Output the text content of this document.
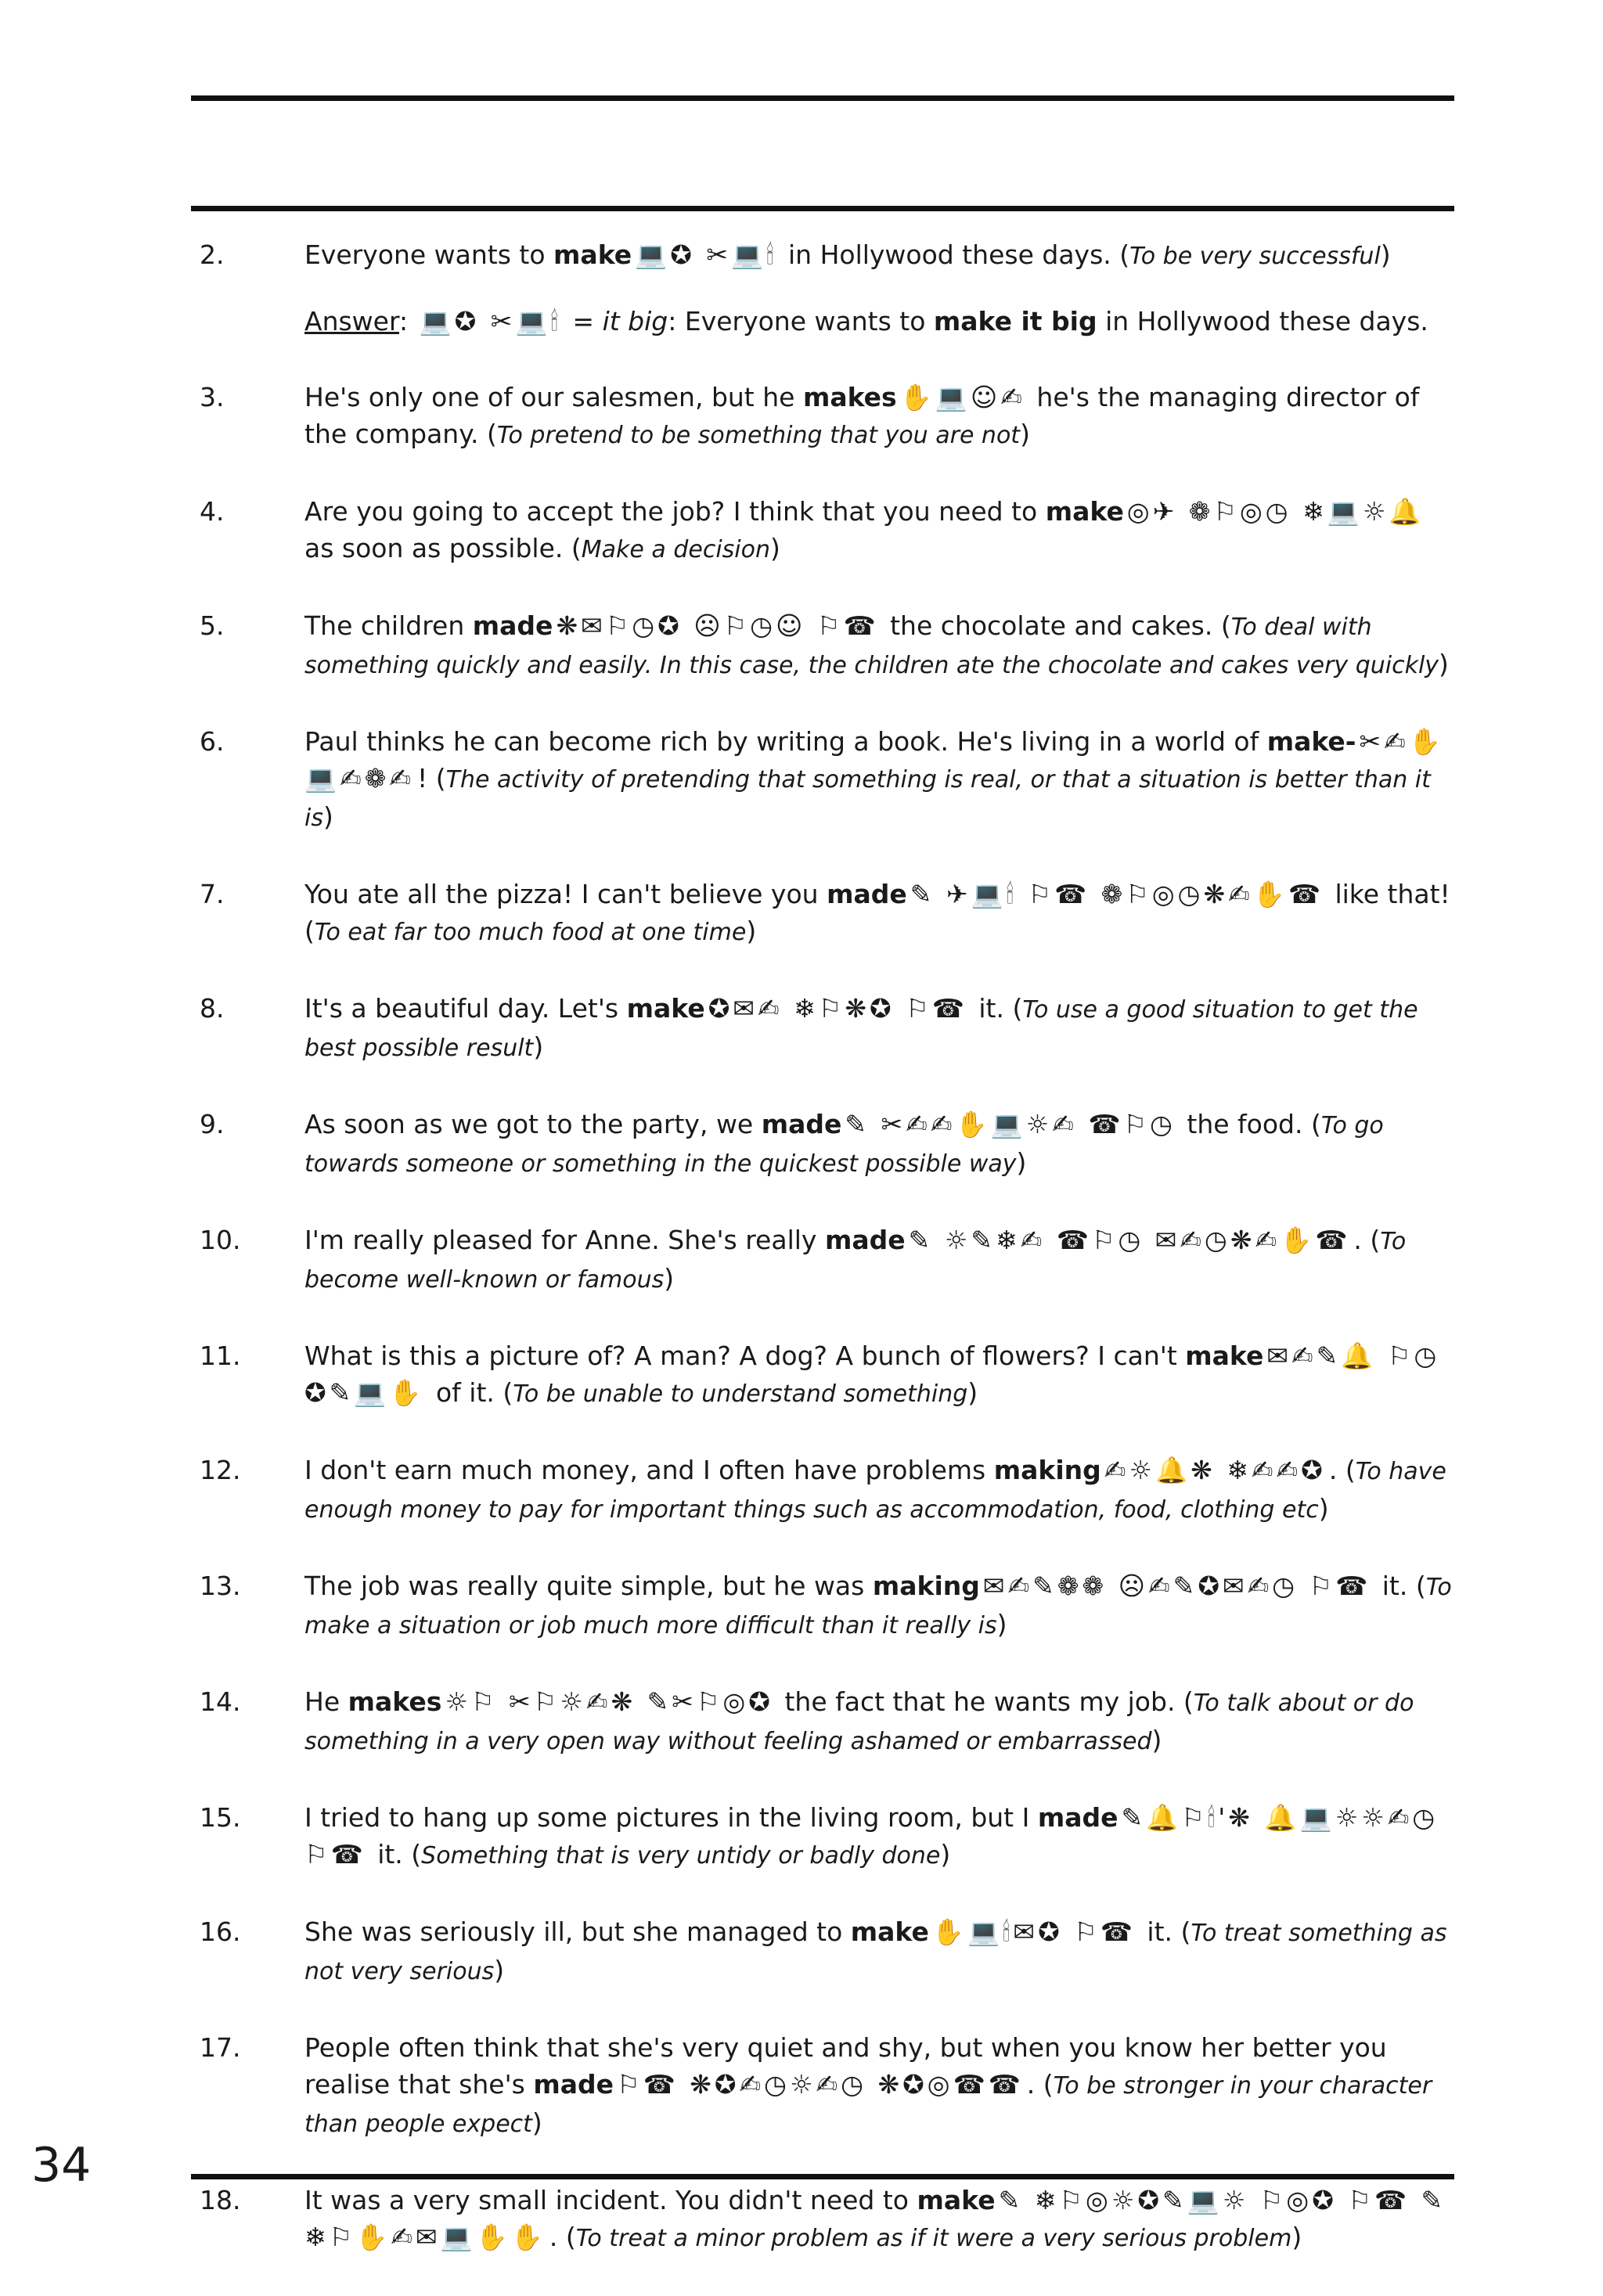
2.	Everyone wants to make 💻✪ ✂💻🕯 in Hollywood these days. (To be very successful)
Answer: 💻✪ ✂💻🕯 = it big: Everyone wants to make it big in Hollywood these days.
3.	He's only one of our salesmen, but he makes ✋💻☺✍ he's the managing director of the company. (To pretend to be something that you are not)
4.	Are you going to accept the job? I think that you need to make ◎✈ ❁⚐◎◷ ❄💻☼🔔 as soon as possible. (Make a decision)
5.	The children made ❋✉⚐◷✪ ☹⚐◷☺ ⚐☎ the chocolate and cakes. (To deal with something quickly and easily. In this case, the children ate the chocolate and cakes very quickly)
6.	Paul thinks he can become rich by writing a book. He's living in a world of make- ✂✍✋💻✍❁✍ ! (The activity of pretending that something is real, or that a situation is better than it is)
7.	You ate all the pizza! I can't believe you made ✎ ✈💻🕯 ⚐☎ ❁⚐◎◷❋✍✋☎ like that! (To eat far too much food at one time)
8.	It's a beautiful day. Let's make ✪✉✍ ❄⚐❋✪ ⚐☎ it. (To use a good situation to get the best possible result)
9.	As soon as we got to the party, we made ✎ ✂✍✍✋💻☼✍ ☎⚐◷ the food. (To go towards someone or something in the quickest possible way)
10.	I'm really pleased for Anne. She's really made ✎ ☼✎❄✍ ☎⚐◷ ✉✍◷❋✍✋☎ . (To become well-known or famous)
11.	What is this a picture of? A man? A dog? A bunch of flowers? I can't make ✉✍✎🔔 ⚐◷ ✪✎💻✋ of it. (To be unable to understand something)
12.	I don't earn much money, and I often have problems making ✍☼🔔❋ ❄✍✍✪ . (To have enough money to pay for important things such as accommodation, food, clothing etc)
13.	The job was really quite simple, but he was making ✉✍✎❁❁ ☹✍✎✪✉✍◷ ⚐☎ it. (To make a situation or job much more difficult than it really is)
14.	He makes ☼⚐ ✂⚐☼✍❋ ✎✂⚐◎✪ the fact that he wants my job. (To talk about or do something in a very open way without feeling ashamed or embarrassed)
15.	I tried to hang up some pictures in the living room, but I made ✎🔔⚐🕯'❋ 🔔💻☼☼✍◷ ⚐☎ it. (Something that is very untidy or badly done)
16.	She was seriously ill, but she managed to make ✋💻🕯✉✪ ⚐☎ it. (To treat something as not very serious)
17.	People often think that she's very quiet and shy, but when you know her better you realise that she's made ⚐☎ ❋✪✍◷☼✍◷ ❋✪◎☎☎ . (To be stronger in your character than people expect)
18.	It was a very small incident. You didn't need to make ✎ ❄⚐◎☼✪✎💻☼ ⚐◎✪ ⚐☎ ✎ ❄⚐✋✍✉💻✋✋ . (To treat a minor problem as if it were a very serious problem)
34
